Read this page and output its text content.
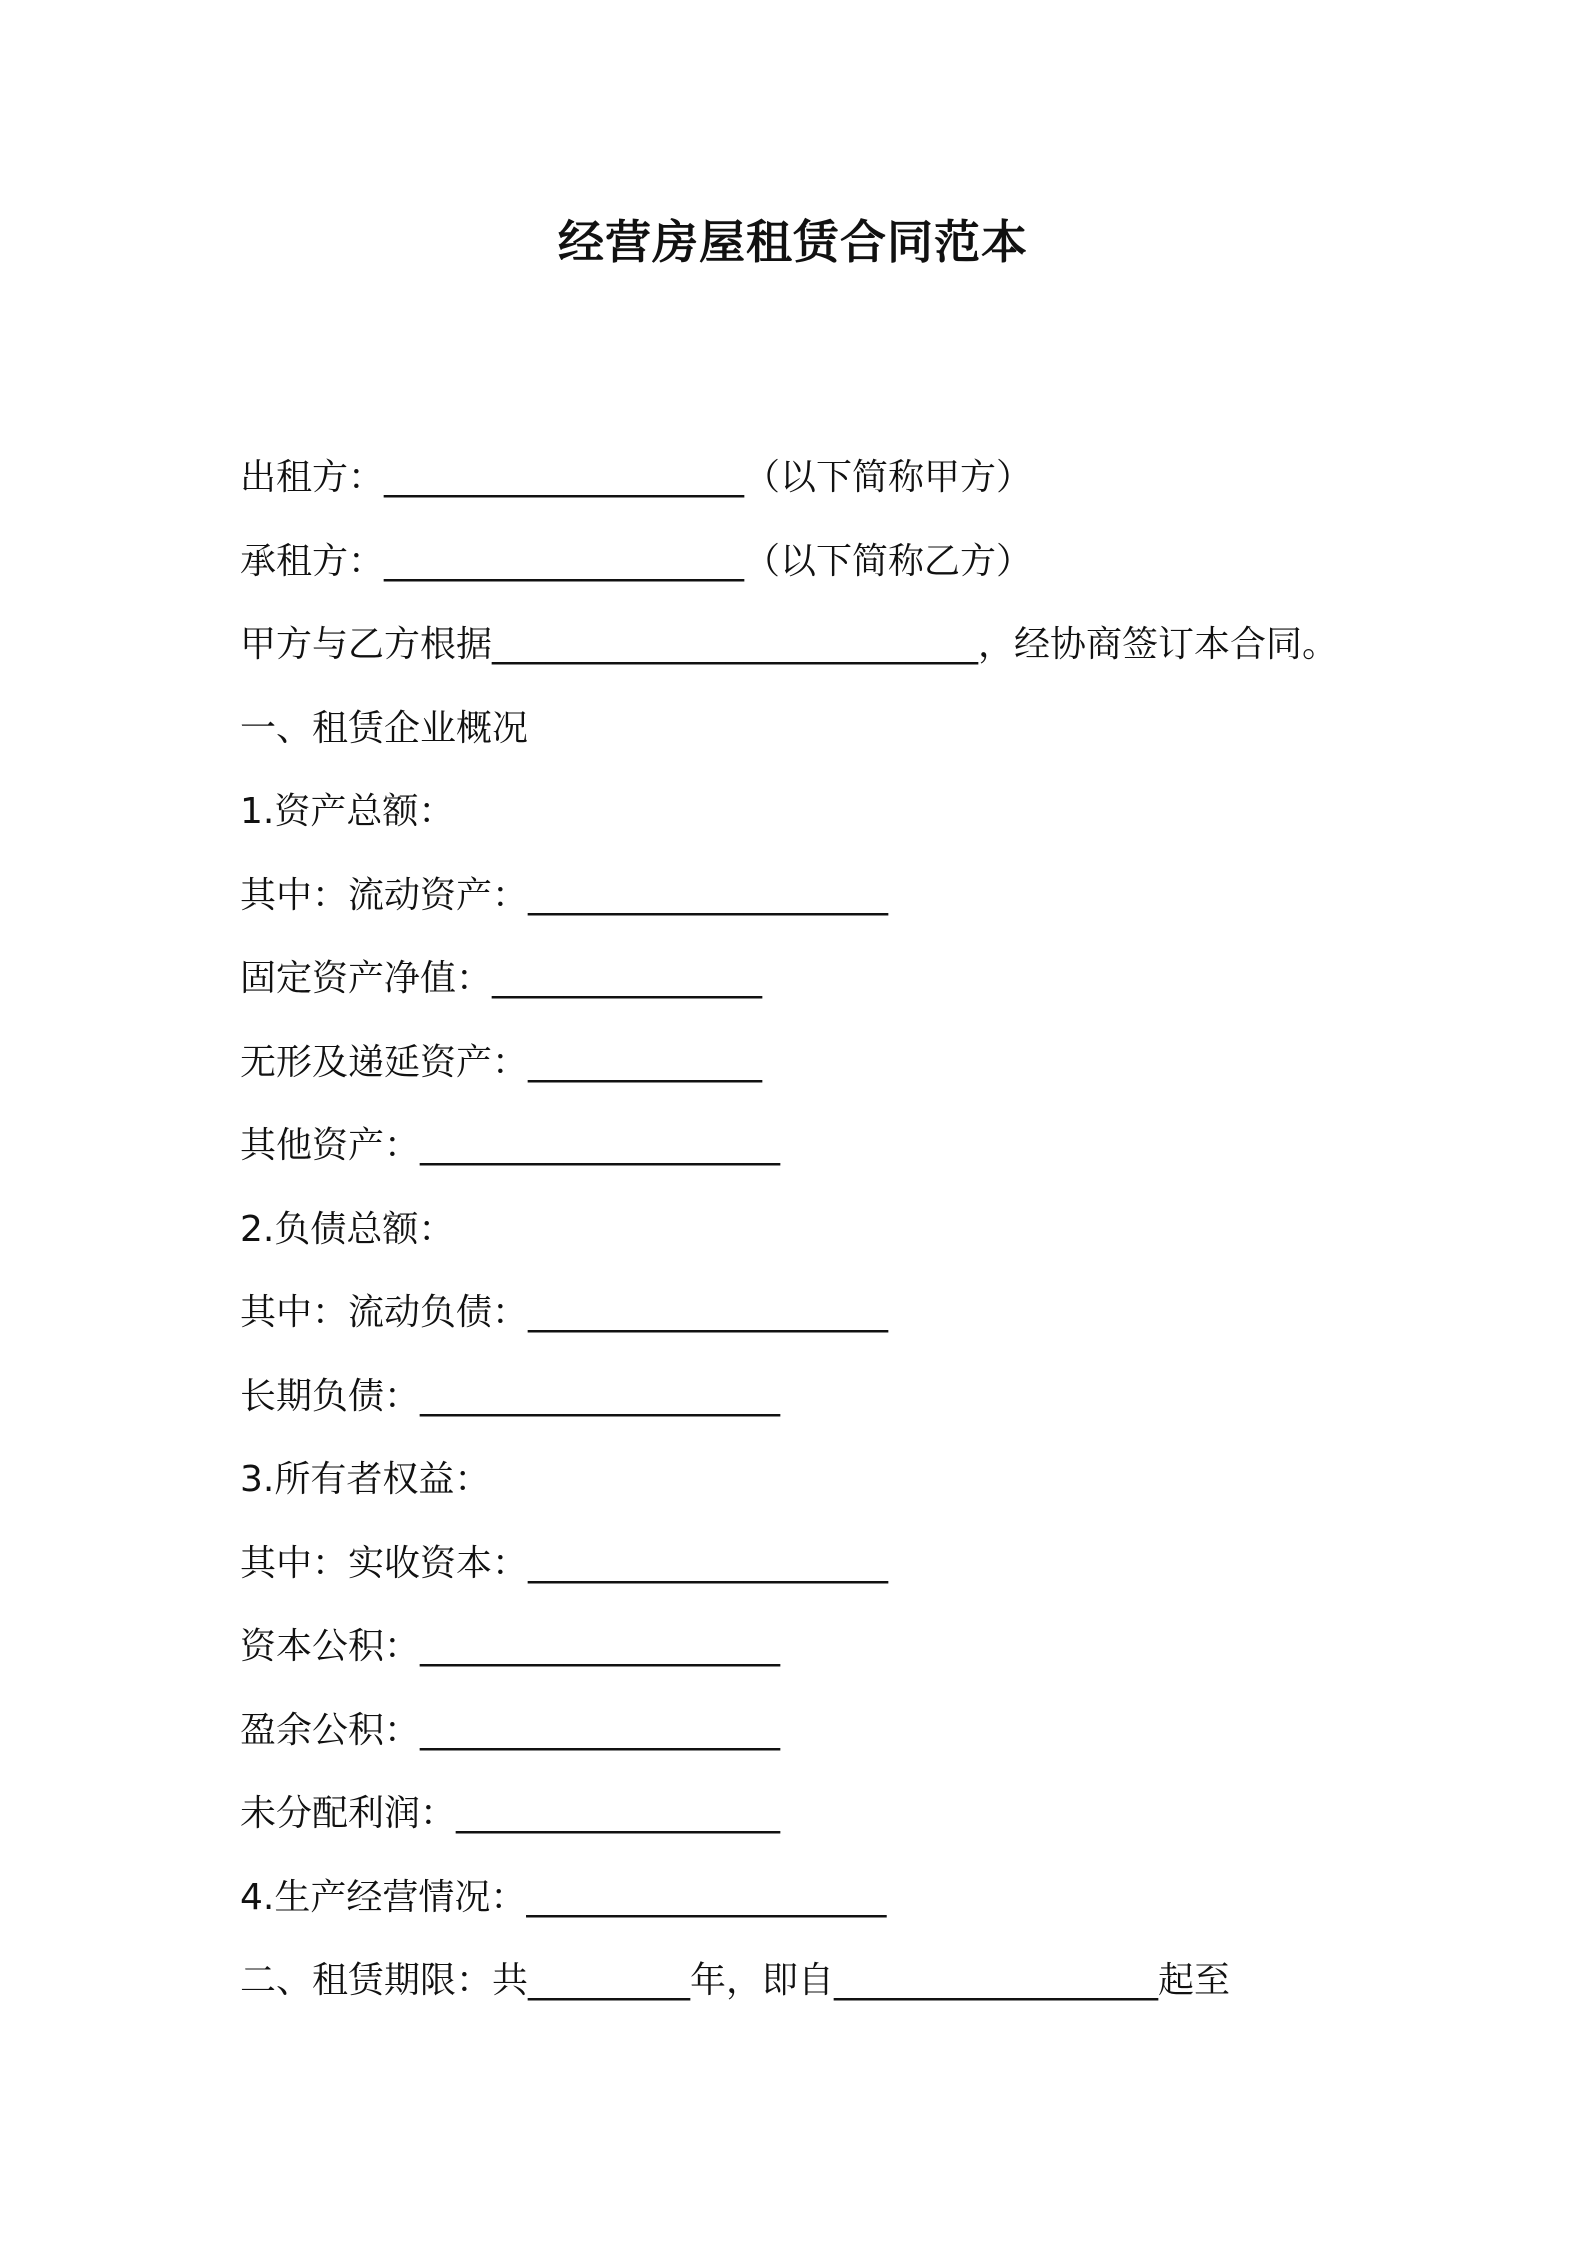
经营房屋租赁合同范本
出租方：____________________（以下简称甲方）
承租方：____________________（以下简称乙方）
甲方与乙方根据___________________________，经协商签订本合同。
一、租赁企业概况
1.资产总额：
其中：流动资产：____________________
固定资产净值：_______________
无形及递延资产：_____________
其他资产：____________________
2.负债总额：
其中：流动负债：____________________
长期负债：____________________
3.所有者权益：
其中：实收资本：____________________
资本公积：____________________
盈余公积：____________________
未分配利润：__________________
4.生产经营情况：____________________
二、租赁期限：共_________年，即自__________________起至
